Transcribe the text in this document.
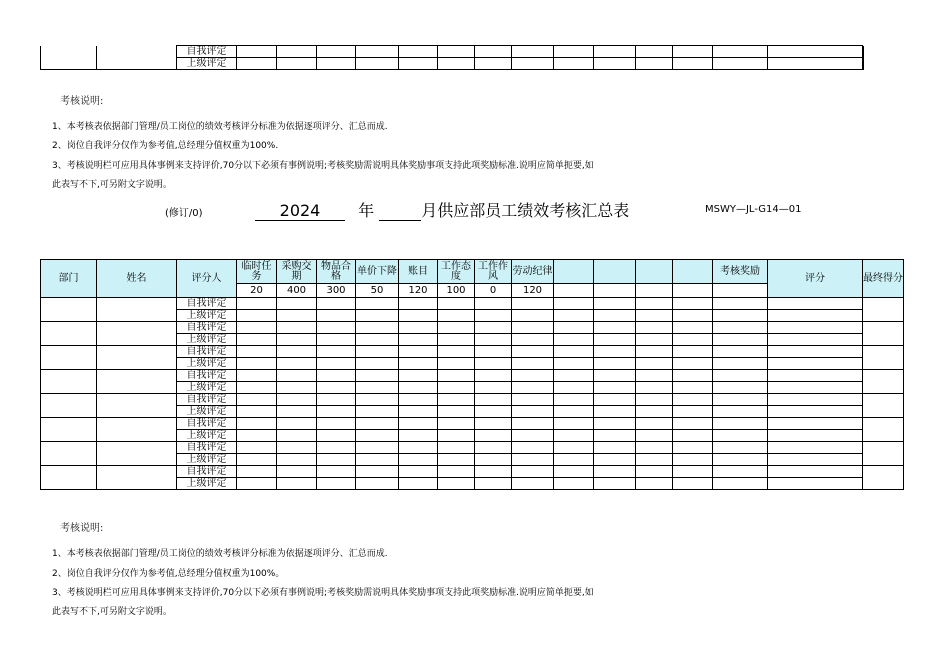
		自我评定															
		上级评定															
考核说明:
1、本考核表依据部门管理/员工岗位的绩效考核评分标准为依据逐项评分、汇总而成.
2、岗位自我评分仅作为参考值,总经理分值权重为100%.
3、考核说明栏可应用具体事例来支持评价,70分以下必须有事例说明;考核奖励需说明具体奖励事项支持此项奖励标准.说明应简单扼要,如
此表写不下,可另附文字说明。
(修订/0)	2024 年	月供应部员工绩效考核汇总表	MSWY—JL-G14—01
部门	姓名	评分人	临时任务	采购交期	物品合格	单价下降	账目	工作态度	工作作风	劳动纪律					考核奖励	评分	最终得分
			20	400	300	50	120	100	0	120							
		自我评定															
		上级评定															
		自我评定															
		上级评定															
		自我评定															
		上级评定															
		自我评定															
		上级评定															
		自我评定															
		上级评定															
		自我评定															
		上级评定															
		自我评定															
		上级评定															
		自我评定															
		上级评定															
考核说明:
1、本考核表依据部门管理/员工岗位的绩效考核评分标准为依据逐项评分、汇总而成.
2、岗位自我评分仅作为参考值,总经理分值权重为100%。
3、考核说明栏可应用具体事例来支持评价,70分以下必须有事例说明;考核奖励需说明具体奖励事项支持此项奖励标准.说明应简单扼要,如
此表写不下,可另附文字说明。
